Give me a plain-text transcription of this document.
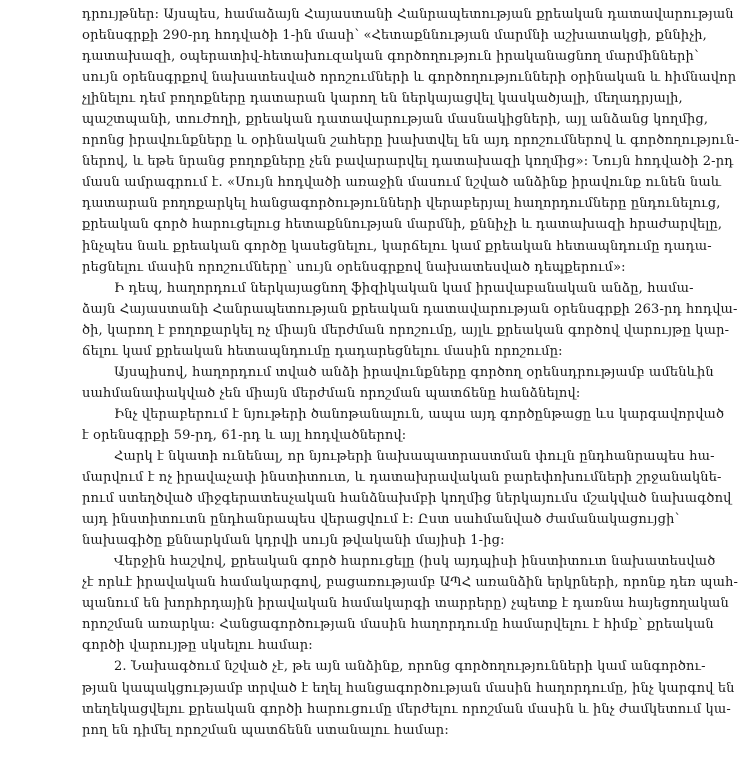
դրույթներ: Այսպես, համաձայն Հայաստանի Հանրապետության քրեական դատավարության
օրենսգրքի 290-րդ հոդվածի 1-ին մասի՝ «Հետաքննության մարմնի աշխատակցի, քննիչի,
դատախազի, օպերատիվ-հետախուզական գործողություն իրականացնող մարմինների՝
սույն օրենսգրքով նախատեսված որոշումների և գործողությունների օրինական և հիմնավոր
չլինելու դեմ բողոքները դատարան կարող են ներկայացվել կասկածյալի, մեղադրյալի,
պաշտպանի, տուժողի, քրեական դատավարության մասնակիցների, այլ անձանց կողմից,
որոնց իրավունքները և օրինական շահերը խախտվել են այդ որոշումներով և գործողություն-
ներով, և եթե նրանց բողոքները չեն բավարարվել դատախազի կողմից»: Նույն հոդվածի 2-րդ
մասն ամրագրում է. «Սույն հոդվածի առաջին մասում նշված անձինք իրավունք ունեն նաև
դատարան բողոքարկել հանցագործությունների վերաբերյալ հաղորդումները ընդունելուց,
քրեական գործ հարուցելուց հետաքննության մարմնի, քննիչի և դատախազի հրաժարվելը,
ինչպես նաև քրեական գործը կասեցնելու, կարճելու կամ քրեական հետապնդումը դադա-
րեցնելու մասին որոշումները՝ սույն օրենսգրքով նախատեսված դեպքերում»:
Ի դեպ, հաղորդում ներկայացնող ֆիզիկական կամ իրավաբանական անձը, համա-
ձայն Հայաստանի Հանրապետության քրեական դատավարության օրենսգրքի 263-րդ հոդվա-
ծի, կարող է բողոքարկել ոչ միայն մերժման որոշումը, այլև քրեական գործով վարույթը կար-
ճելու կամ քրեական հետապնդումը դադարեցնելու մասին որոշումը:
Այսպիսով, հաղորդում տված անձի իրավունքները գործող օրենսդրությամբ ամենևին
սահմանափակված չեն միայն մերժման որոշման պատճենը հանձնելով:
Ինչ վերաբերում է նյութերի ծանոթանալուն, ապա այդ գործընթացը ևս կարգավորված
է օրենսգրքի 59-րդ, 61-րդ և այլ հոդվածներով:
Հարկ է նկատի ունենալ, որ նյութերի նախապատրաստման փուլն ընդհանրապես հա-
մարվում է ոչ իրավաչափ ինստիտուտ, և դատախրավական բարեփոխումների շրջանակնե-
րում ստեղծված միջգերատեսչական հանձնախմբի կողմից ներկայումս մշակված նախագծով
այդ ինստիտուտն ընդհանրապես վերացվում է: Ըստ սահմանված ժամանակացույցի՝
նախագիծը քննարկման կդրվի սույն թվականի մայիսի 1-ից:
Վերջին հաշվով, քրեական գործ հարուցելը (իսկ այդպիսի ինստիտուտ նախատեսված
չէ որևէ իրավական համակարգով, բացառությամբ ԱՊՀ առանձին երկրների, որոնք դեռ պահ-
պանում են խորհրդային իրավական համակարգի տարրերը) չպետք է դառնա հայեցողական
որոշման առարկա: Հանցագործության մասին հաղորդումը համարվելու է հիմք՝ քրեական
գործի վարույթը սկսելու համար:
2. Նախագծում նշված չէ, թե այն անձինք, որոնց գործողությունների կամ անգործու-
թյան կապակցությամբ տրված է եղել հանցագործության մասին հաղորդումը, ինչ կարգով են
տեղեկացվելու քրեական գործի հարուցումը մերժելու որոշման մասին և ինչ ժամկետում կա-
րող են դիմել որոշման պատճենն ստանալու համար:
